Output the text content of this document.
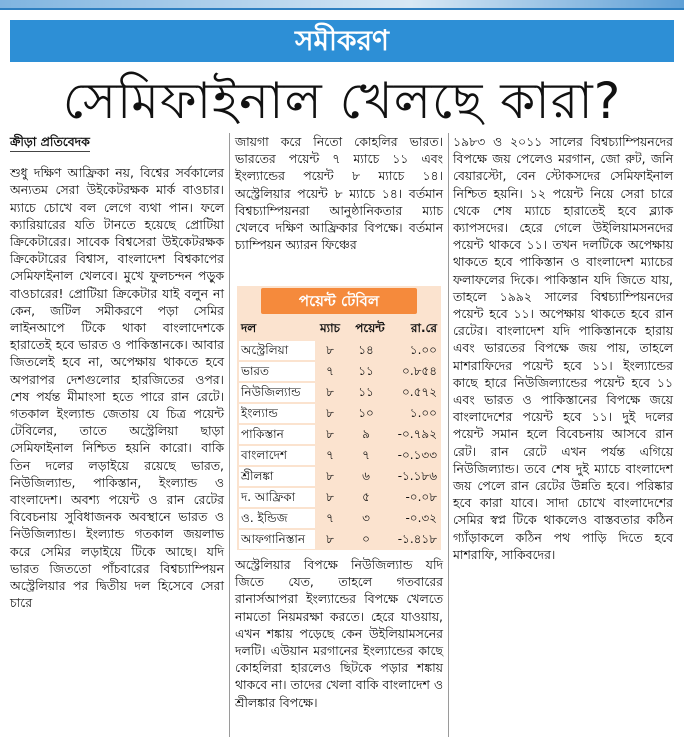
সমীকরণ
সেমিফাইনাল খেলছে কারা?

ক্রীড়া প্রতিবেদক

শুধু দক্ষিণ আফ্রিকা নয়, বিশ্বের সর্বকালের অন্যতম সেরা উইকেটরক্ষক মার্ক বাওচার। ম্যাচে চোখে বল লেগে ব্যথা পান। ফলে ক্যারিয়ারের যতি টানতে হয়েছে প্রোটিয়া ক্রিকেটারের। সাবেক বিশ্বসেরা উইকেটরক্ষক ক্রিকেটারের বিশ্বাস, বাংলাদেশ বিশ্বকাপের সেমিফাইনাল খেলবে। মুখে ফুলচন্দন পড়ুক বাওচারের! প্রোটিয়া ক্রিকেটার যাই বলুন না কেন, জটিল সমীকরণে পড়া সেমির লাইনআপে টিকে থাকা বাংলাদেশকে হারাতেই হবে ভারত ও পাকিস্তানকে। আবার জিতলেই হবে না, অপেক্ষায় থাকতে হবে অপরাপর দেশগুলোর হারজিতের ওপর। শেষ পর্যন্ত মীমাংসা হতে পারে রান রেটে। গতকাল ইংল্যান্ড জেতায় যে চিত্র পয়েন্ট টেবিলের, তাতে অস্ট্রেলিয়া ছাড়া সেমিফাইনাল নিশ্চিত হয়নি কারো। বাকি তিন দলের লড়াইয়ে রয়েছে ভারত, নিউজিল্যান্ড, পাকিস্তান, ইংল্যান্ড ও বাংলাদেশ। অবশ্য পয়েন্ট ও রান রেটের বিবেচনায় সুবিধাজনক অবস্থানে ভারত ও নিউজিল্যান্ড। ইংল্যান্ড গতকাল জয়লাভ করে সেমির লড়াইয়ে টিকে আছে। যদি ভারত জিততো পাঁচবারের বিশ্বচ্যাম্পিয়ন অস্ট্রেলিয়ার পর দ্বিতীয় দল হিসেবে সেরা চারে

জায়গা করে নিতো কোহলির ভারত। ভারতের পয়েন্ট ৭ ম্যাচে ১১ এবং ইংল্যান্ডের পয়েন্ট ৮ ম্যাচে ১৪। অস্ট্রেলিয়ার পয়েন্ট ৮ ম্যাচে ১৪। বর্তমান বিশ্বচ্যাম্পিয়নরা আনুষ্ঠানিকতার ম্যাচ খেলবে দক্ষিণ আফ্রিকার বিপক্ষে। বর্তমান চ্যাম্পিয়ন অ্যারন ফিঞ্চের

পয়েন্ট টেবিল
দল	ম্যাচ	পয়েন্ট	রা.রে
অস্ট্রেলিয়া	৮	১৪	১.০০
ভারত	৭	১১	০.৮৫৪
নিউজিল্যান্ড	৮	১১	০.৫৭২
ইংল্যান্ড	৮	১০	১.০০
পাকিস্তান	৮	৯	-০.৭৯২
বাংলাদেশ	৭	৭	-০.১৩৩
শ্রীলঙ্কা	৮	৬	-১.১৮৬
দ. আফ্রিকা	৮	৫	-০.০৮
ও. ইন্ডিজ	৭	৩	-০.৩২
আফগানিস্তান	৮	০	-১.৪১৮

অস্ট্রেলিয়ার বিপক্ষে নিউজিল্যান্ড যদি জিতে যেত, তাহলে গতবারের রানার্সআপরা ইংল্যান্ডের বিপক্ষে খেলতে নামতো নিয়মরক্ষা করতে। হেরে যাওয়ায়, এখন শঙ্কায় পড়েছে কেন উইলিয়ামসনের দলটি। এউয়ান মরগানের ইংল্যান্ডের কাছে কোহলিরা হারলেও ছিটকে পড়ার শঙ্কায় থাকবে না। তাদের খেলা বাকি বাংলাদেশ ও শ্রীলঙ্কার বিপক্ষে।

১৯৮৩ ও ২০১১ সালের বিশ্বচ্যাম্পিয়নদের বিপক্ষে জয় পেলেও মরগান, জো রুট, জনি বেয়ারস্টো, বেন স্টোকসদের সেমিফাইনাল নিশ্চিত হয়নি। ১২ পয়েন্ট নিয়ে সেরা চারে থেকে শেষ ম্যাচে হারাতেই হবে ব্ল্যাক ক্যাপসদের। হেরে গেলে উইলিয়ামসনদের পয়েন্ট থাকবে ১১। তখন দলটিকে অপেক্ষায় থাকতে হবে পাকিস্তান ও বাংলাদেশ ম্যাচের ফলাফলের দিকে। পাকিস্তান যদি জিতে যায়, তাহলে ১৯৯২ সালের বিশ্বচ্যাম্পিয়নদের পয়েন্ট হবে ১১। অপেক্ষায় থাকতে হবে রান রেটের। বাংলাদেশ যদি পাকিস্তানকে হারায় এবং ভারতের বিপক্ষে জয় পায়, তাহলে মাশরাফিদের পয়েন্ট হবে ১১। ইংল্যান্ডের কাছে হারে নিউজিল্যান্ডের পয়েন্ট হবে ১১ এবং ভারত ও পাকিস্তানের বিপক্ষে জয়ে বাংলাদেশের পয়েন্ট হবে ১১। দুই দলের পয়েন্ট সমান হলে বিবেচনায় আসবে রান রেট। রান রেটে এখন পর্যন্ত এগিয়ে নিউজিল্যান্ড। তবে শেষ দুই ম্যাচে বাংলাদেশ জয় পেলে রান রেটের উন্নতি হবে। পরিষ্কার হবে কারা যাবে। সাদা চোখে বাংলাদেশের সেমির স্বপ্ন টিকে থাকলেও বাস্তবতার কঠিন গ্যাঁড়াকলে কঠিন পথ পাড়ি দিতে হবে মাশরাফি, সাকিবদের।
